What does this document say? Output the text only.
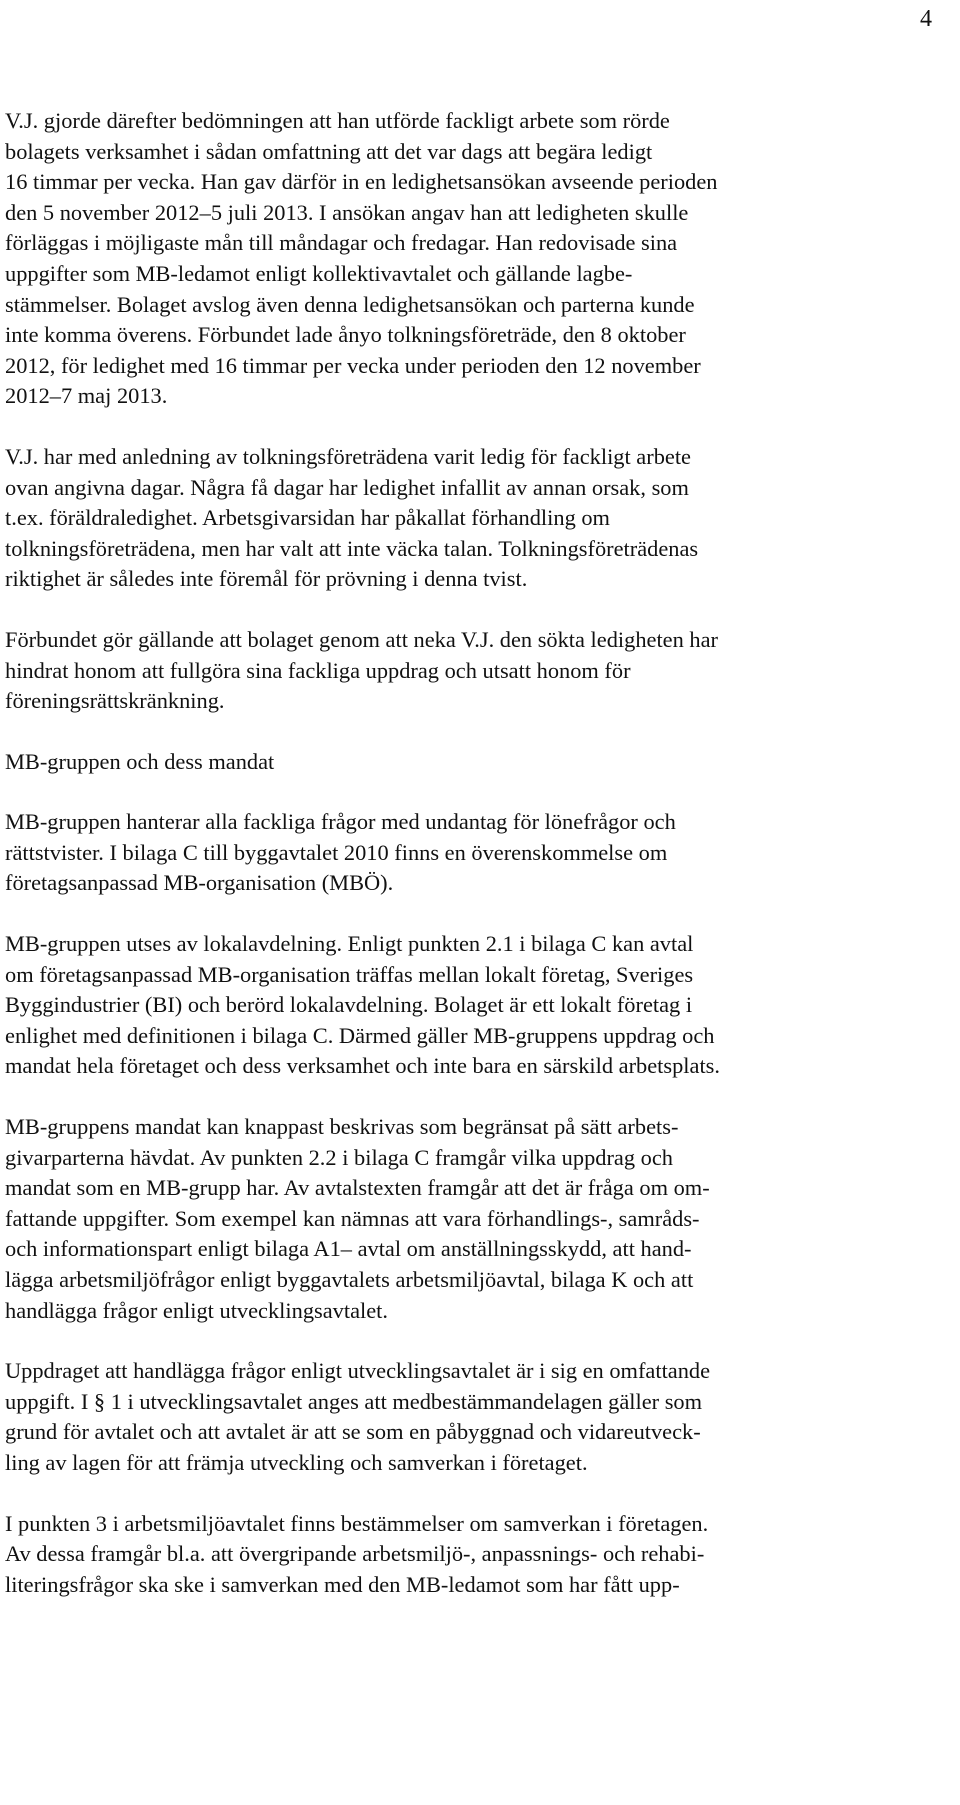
4

V.J. gjorde därefter bedömningen att han utförde fackligt arbete som rörde
bolagets verksamhet i sådan omfattning att det var dags att begära ledigt
16 timmar per vecka. Han gav därför in en ledighetsansökan avseende perioden
den 5 november 2012–5 juli 2013. I ansökan angav han att ledigheten skulle
förläggas i möjligaste mån till måndagar och fredagar. Han redovisade sina
uppgifter som MB-ledamot enligt kollektivavtalet och gällande lagbe-
stämmelser. Bolaget avslog även denna ledighetsansökan och parterna kunde
inte komma överens. Förbundet lade ånyo tolkningsföreträde, den 8 oktober
2012, för ledighet med 16 timmar per vecka under perioden den 12 november
2012–7 maj 2013.

V.J. har med anledning av tolkningsföreträdena varit ledig för fackligt arbete
ovan angivna dagar. Några få dagar har ledighet infallit av annan orsak, som
t.ex. föräldraledighet. Arbetsgivarsidan har påkallat förhandling om
tolkningsföreträdena, men har valt att inte väcka talan. Tolkningsföreträdenas
riktighet är således inte föremål för prövning i denna tvist.

Förbundet gör gällande att bolaget genom att neka V.J. den sökta ledigheten har
hindrat honom att fullgöra sina fackliga uppdrag och utsatt honom för
föreningsrättskränkning.

MB-gruppen och dess mandat

MB-gruppen hanterar alla fackliga frågor med undantag för lönefrågor och
rättstvister. I bilaga C till byggavtalet 2010 finns en överenskommelse om
företagsanpassad MB-organisation (MBÖ).

MB-gruppen utses av lokalavdelning. Enligt punkten 2.1 i bilaga C kan avtal
om företagsanpassad MB-organisation träffas mellan lokalt företag, Sveriges
Byggindustrier (BI) och berörd lokalavdelning. Bolaget är ett lokalt företag i
enlighet med definitionen i bilaga C. Därmed gäller MB-gruppens uppdrag och
mandat hela företaget och dess verksamhet och inte bara en särskild arbetsplats.

MB-gruppens mandat kan knappast beskrivas som begränsat på sätt arbets-
givarparterna hävdat. Av punkten 2.2 i bilaga C framgår vilka uppdrag och
mandat som en MB-grupp har. Av avtalstexten framgår att det är fråga om om-
fattande uppgifter. Som exempel kan nämnas att vara förhandlings-, samråds-
och informationspart enligt bilaga A1– avtal om anställningsskydd, att hand-
lägga arbetsmiljöfrågor enligt byggavtalets arbetsmiljöavtal, bilaga K och att
handlägga frågor enligt utvecklingsavtalet.

Uppdraget att handlägga frågor enligt utvecklingsavtalet är i sig en omfattande
uppgift. I § 1 i utvecklingsavtalet anges att medbestämmandelagen gäller som
grund för avtalet och att avtalet är att se som en påbyggnad och vidareutveck-
ling av lagen för att främja utveckling och samverkan i företaget.

I punkten 3 i arbetsmiljöavtalet finns bestämmelser om samverkan i företagen.
Av dessa framgår bl.a. att övergripande arbetsmiljö-, anpassnings- och rehabi-
literingsfrågor ska ske i samverkan med den MB-ledamot som har fått upp-
